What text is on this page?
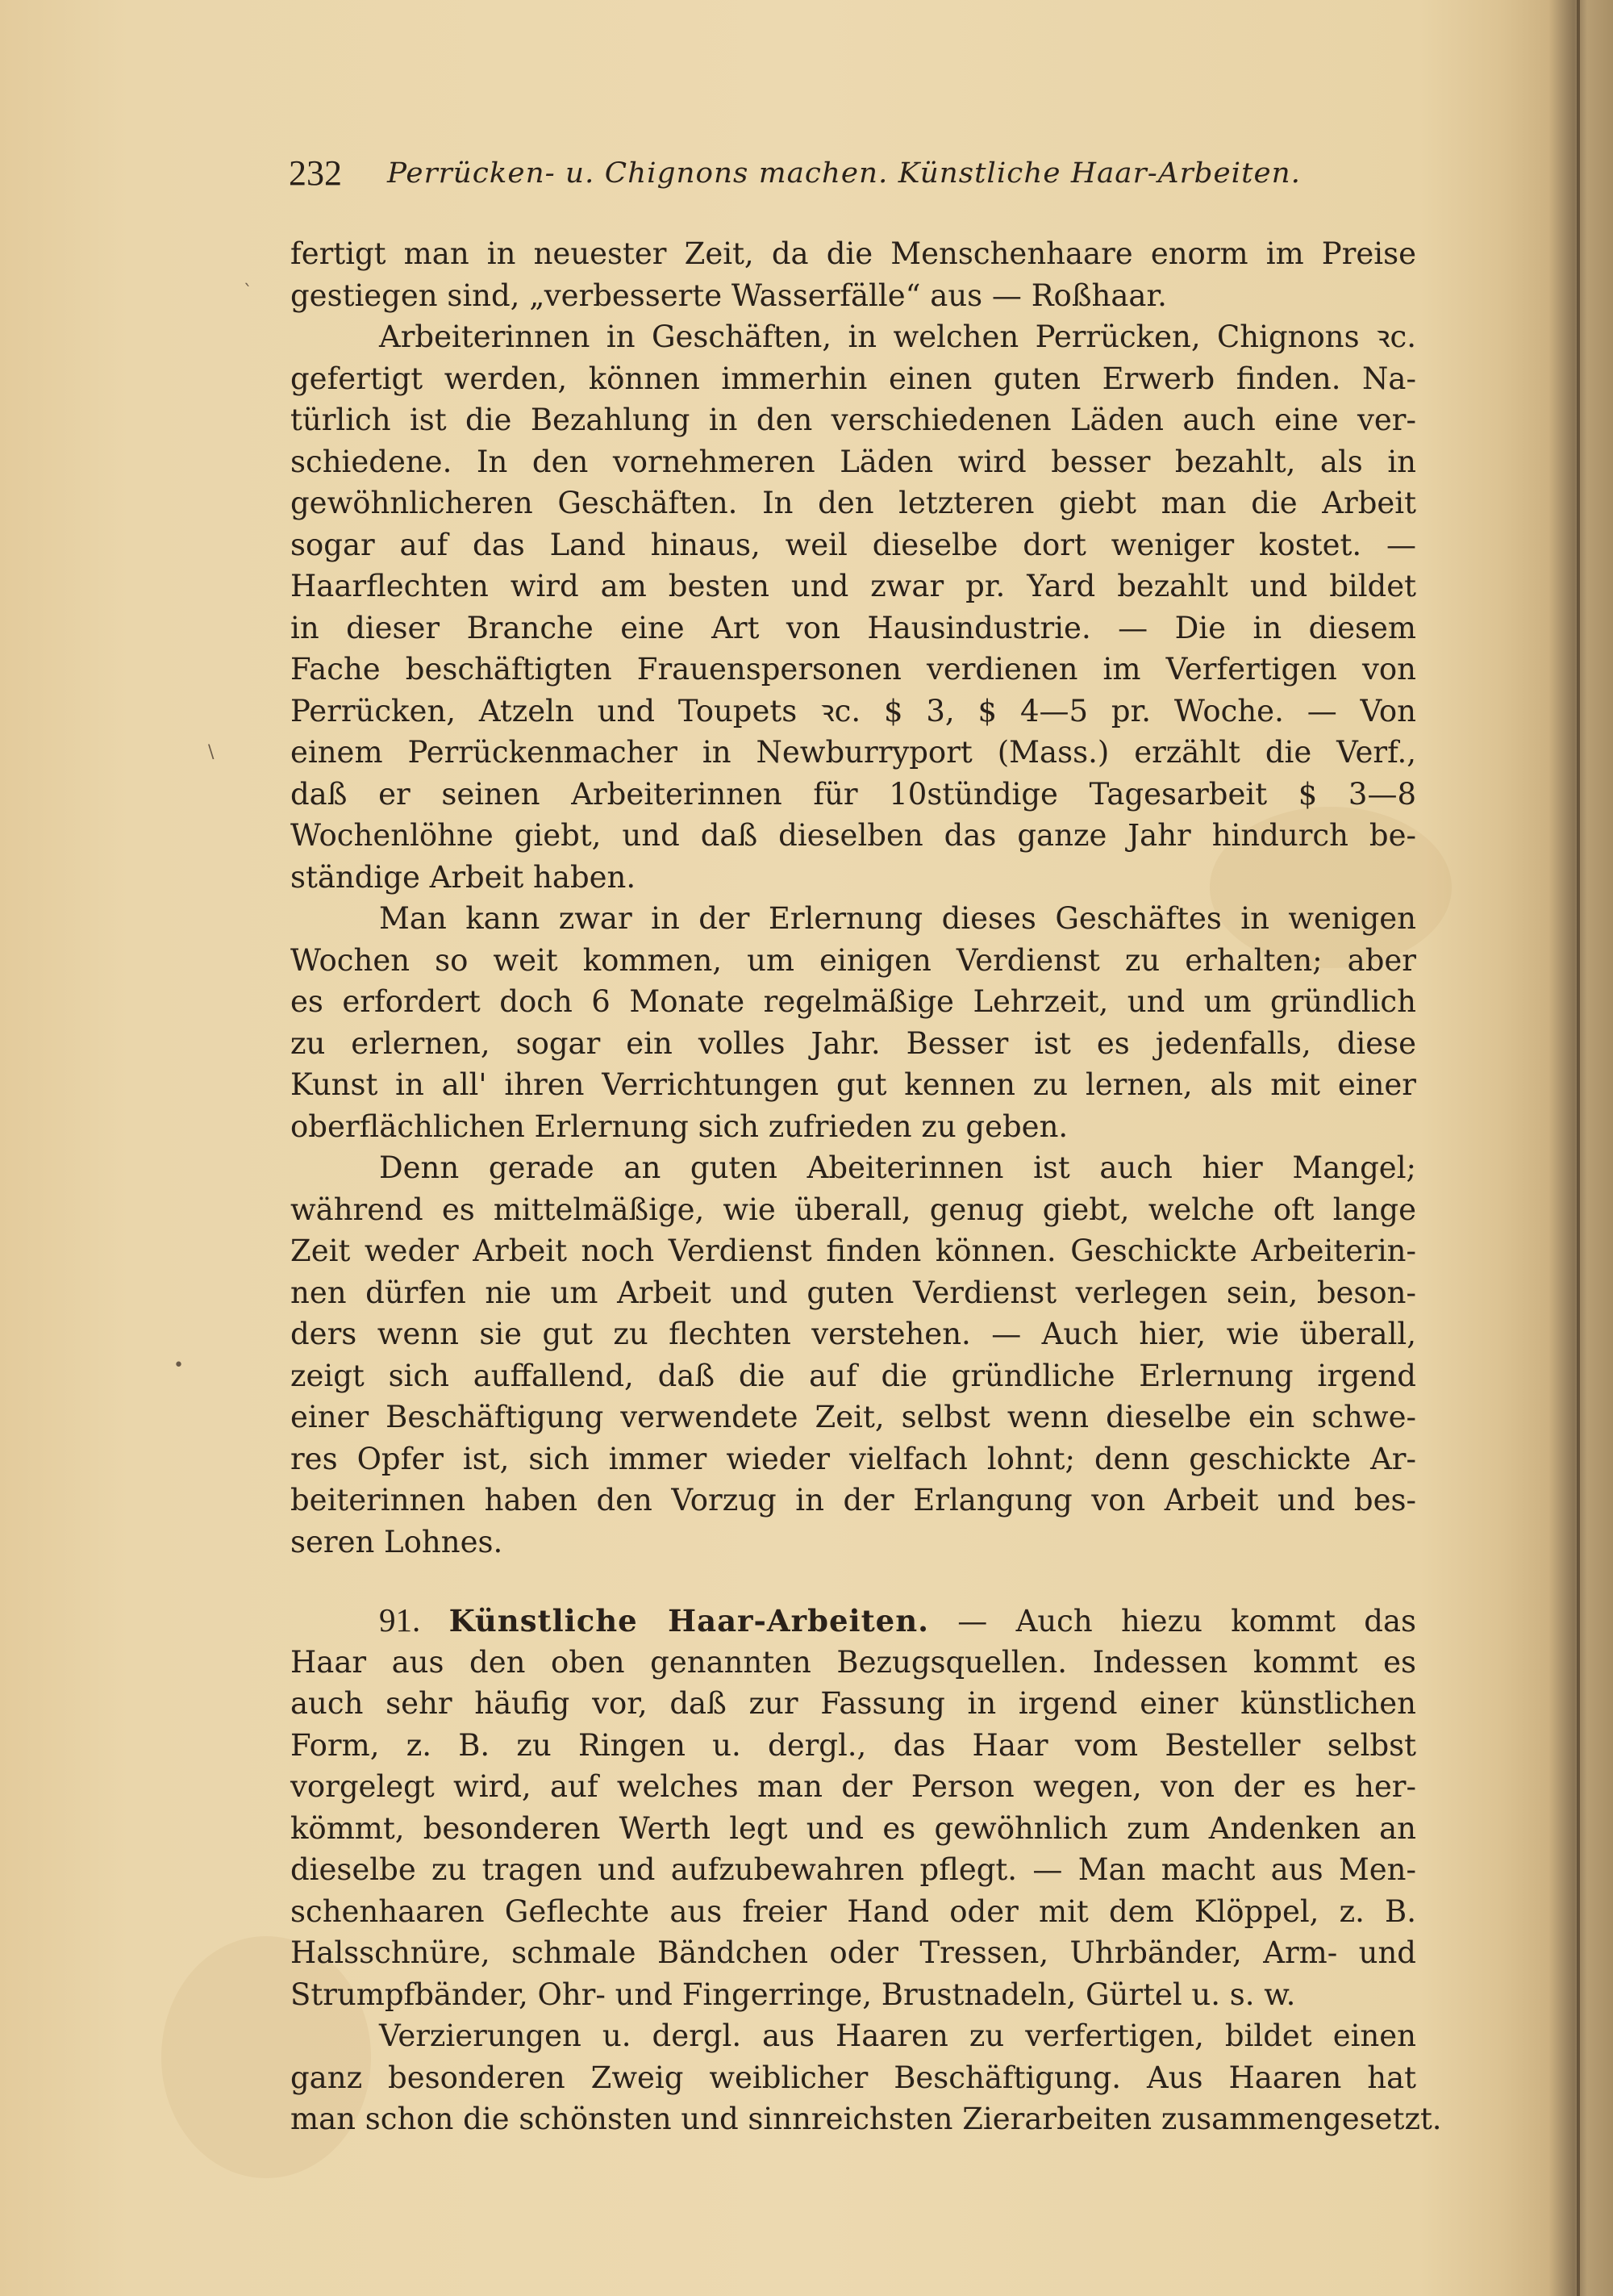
`
\
•
232 Perrücken- u. Chignons machen. Künstliche Haar-Arbeiten.
fertigt man in neuester Zeit, da die Menschenhaare enorm im Preise
gestiegen sind, „verbesserte Wasserfälle“ aus — Roßhaar.
Arbeiterinnen in Geschäften, in welchen Perrücken, Chignons ꝛc.
gefertigt werden, können immerhin einen guten Erwerb finden. Na-
türlich ist die Bezahlung in den verschiedenen Läden auch eine ver-
schiedene. In den vornehmeren Läden wird besser bezahlt, als in
gewöhnlicheren Geschäften. In den letzteren giebt man die Arbeit
sogar auf das Land hinaus, weil dieselbe dort weniger kostet. —
Haarflechten wird am besten und zwar pr. Yard bezahlt und bildet
in dieser Branche eine Art von Hausindustrie. — Die in diesem
Fache beschäftigten Frauenspersonen verdienen im Verfertigen von
Perrücken, Atzeln und Toupets ꝛc. $ 3, $ 4—5 pr. Woche. — Von
einem Perrückenmacher in Newburryport (Mass.) erzählt die Verf.,
daß er seinen Arbeiterinnen für 10stündige Tagesarbeit $ 3—8
Wochenlöhne giebt, und daß dieselben das ganze Jahr hindurch be-
ständige Arbeit haben.
Man kann zwar in der Erlernung dieses Geschäftes in wenigen
Wochen so weit kommen, um einigen Verdienst zu erhalten; aber
es erfordert doch 6 Monate regelmäßige Lehrzeit, und um gründlich
zu erlernen, sogar ein volles Jahr. Besser ist es jedenfalls, diese
Kunst in all' ihren Verrichtungen gut kennen zu lernen, als mit einer
oberflächlichen Erlernung sich zufrieden zu geben.
Denn gerade an guten Abeiterinnen ist auch hier Mangel;
während es mittelmäßige, wie überall, genug giebt, welche oft lange
Zeit weder Arbeit noch Verdienst finden können. Geschickte Arbeiterin-
nen dürfen nie um Arbeit und guten Verdienst verlegen sein, beson-
ders wenn sie gut zu flechten verstehen. — Auch hier, wie überall,
zeigt sich auffallend, daß die auf die gründliche Erlernung irgend
einer Beschäftigung verwendete Zeit, selbst wenn dieselbe ein schwe-
res Opfer ist, sich immer wieder vielfach lohnt; denn geschickte Ar-
beiterinnen haben den Vorzug in der Erlangung von Arbeit und bes-
seren Lohnes.
91. Künstliche Haar-Arbeiten. — Auch hiezu kommt das
Haar aus den oben genannten Bezugsquellen. Indessen kommt es
auch sehr häufig vor, daß zur Fassung in irgend einer künstlichen
Form, z. B. zu Ringen u. dergl., das Haar vom Besteller selbst
vorgelegt wird, auf welches man der Person wegen, von der es her-
kömmt, besonderen Werth legt und es gewöhnlich zum Andenken an
dieselbe zu tragen und aufzubewahren pflegt. — Man macht aus Men-
schenhaaren Geflechte aus freier Hand oder mit dem Klöppel, z. B.
Halsschnüre, schmale Bändchen oder Tressen, Uhrbänder, Arm- und
Strumpfbänder, Ohr- und Fingerringe, Brustnadeln, Gürtel u. s. w.
Verzierungen u. dergl. aus Haaren zu verfertigen, bildet einen
ganz besonderen Zweig weiblicher Beschäftigung. Aus Haaren hat
man schon die schönsten und sinnreichsten Zierarbeiten zusammengesetzt.
